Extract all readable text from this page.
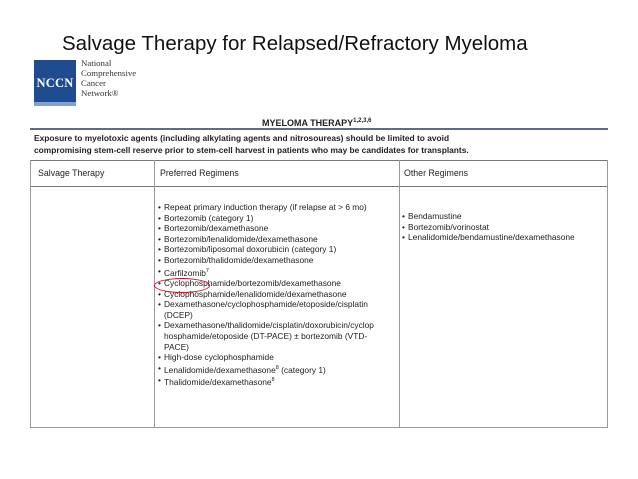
Salvage Therapy for Relapsed/Refractory Myeloma
NCCN
National
Comprehensive
Cancer
Network®
MYELOMA THERAPY$^{1,2,3,6}$
Exposure to myelotoxic agents (including alkylating agents and nitrosoureas) should be limited to avoid
compromising stem-cell reserve prior to stem-cell harvest in patients who may be candidates for transplants.
Salvage Therapy	Preferred Regimens	Other Regimens
• Repeat primary induction therapy (if relapse at > 6 mo)
• Bortezomib (category 1)
• Bortezomib/dexamethasone
• Bortezomib/lenalidomide/dexamethasone
• Bortezomib/liposomal doxorubicin (category 1)
• Bortezomib/thalidomide/dexamethasone
• Carfilzomib$^7$
• Cyclophosphamide/bortezomib/dexamethasone
• Cyclophosphamide/lenalidomide/dexamethasone
• Dexamethasone/cyclophosphamide/etoposide/cisplatin
(DCEP)
• Dexamethasone/thalidomide/cisplatin/doxorubicin/cyclop
hosphamide/etoposide (DT-PACE) ± bortezomib (VTD-
PACE)
• High-dose cyclophosphamide
• Lenalidomide/dexamethasone$^8$ (category 1)
• Thalidomide/dexamethasone$^8$
• Bendamustine
• Bortezomib/vorinostat
• Lenalidomide/bendamustine/dexamethasone
